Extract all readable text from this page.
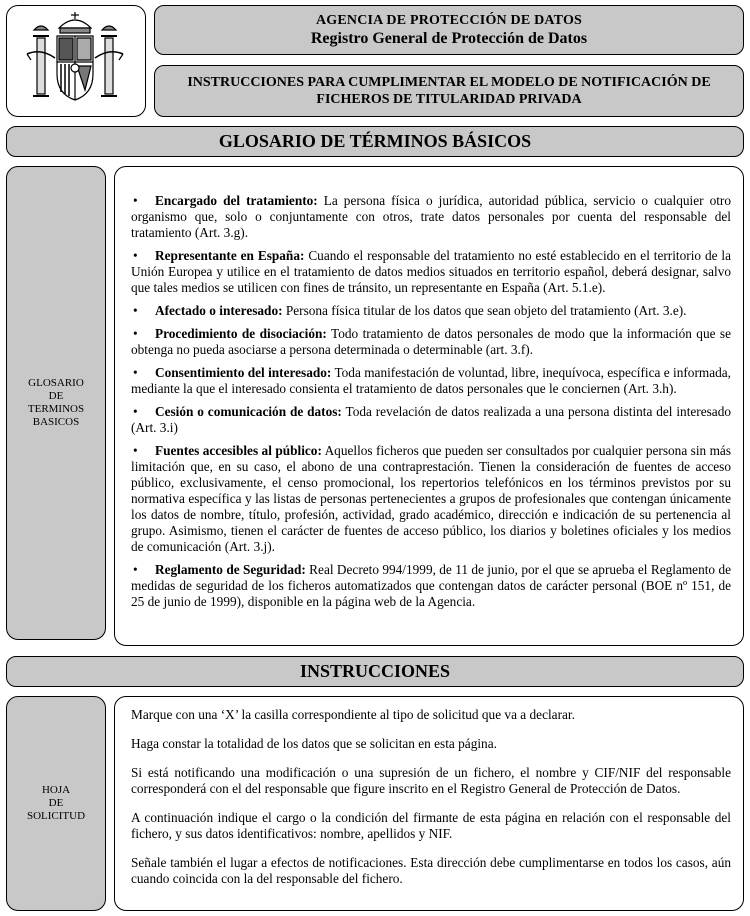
AGENCIA DE PROTECCIÓN DE DATOS
Registro General de Protección de Datos
INSTRUCCIONES PARA CUMPLIMENTAR EL MODELO DE NOTIFICACIÓN DE FICHEROS DE TITULARIDAD PRIVADA
GLOSARIO DE TÉRMINOS BÁSICOS
GLOSARIO
DE
TERMINOS
BASICOS
• Encargado del tratamiento: La persona física o jurídica, autoridad pública, servicio o cualquier otro organismo que, solo o conjuntamente con otros, trate datos personales por cuenta del responsable del tratamiento (Art. 3.g).
• Representante en España: Cuando el responsable del tratamiento no esté establecido en el territorio de la Unión Europea y utilice en el tratamiento de datos medios situados en territorio español, deberá designar, salvo que tales medios se utilicen con fines de tránsito, un representante en España (Art. 5.1.e).
• Afectado o interesado: Persona física titular de los datos que sean objeto del tratamiento (Art. 3.e).
• Procedimiento de disociación: Todo tratamiento de datos personales de modo que la información que se obtenga no pueda asociarse a persona determinada o determinable (art. 3.f).
• Consentimiento del interesado: Toda manifestación de voluntad, libre, inequívoca, específica e informada, mediante la que el interesado consienta el tratamiento de datos personales que le conciernen (Art. 3.h).
• Cesión o comunicación de datos: Toda revelación de datos realizada a una persona distinta del interesado (Art. 3.i)
• Fuentes accesibles al público: Aquellos ficheros que pueden ser consultados por cualquier persona sin más limitación que, en su caso, el abono de una contraprestación. Tienen la consideración de fuentes de acceso público, exclusivamente, el censo promocional, los repertorios telefónicos en los términos previstos por su normativa específica y las listas de personas pertenecientes a grupos de profesionales que contengan únicamente los datos de nombre, título, profesión, actividad, grado académico, dirección e indicación de su pertenencia al grupo. Asimismo, tienen el carácter de fuentes de acceso público, los diarios y boletines oficiales y los medios de comunicación (Art. 3.j).
• Reglamento de Seguridad: Real Decreto 994/1999, de 11 de junio, por el que se aprueba el Reglamento de medidas de seguridad de los ficheros automatizados que contengan datos de carácter personal (BOE nº 151, de 25 de junio de 1999), disponible en la página web de la Agencia.
INSTRUCCIONES
HOJA
DE
SOLICITUD

Marque con una ‘X’ la casilla correspondiente al tipo de solicitud que va a declarar.

Haga constar la totalidad de los datos que se solicitan en esta página.

Si está notificando una modificación o una supresión de un fichero, el nombre y CIF/NIF del responsable corresponderá con el del responsable que figure inscrito en el Registro General de Protección de Datos.

A continuación indique el cargo o la condición del firmante de esta página en relación con el responsable del fichero, y sus datos identificativos: nombre, apellidos y NIF.

Señale también el lugar a efectos de notificaciones. Esta dirección debe cumplimentarse en todos los casos, aún cuando coincida con la del responsable del fichero.
